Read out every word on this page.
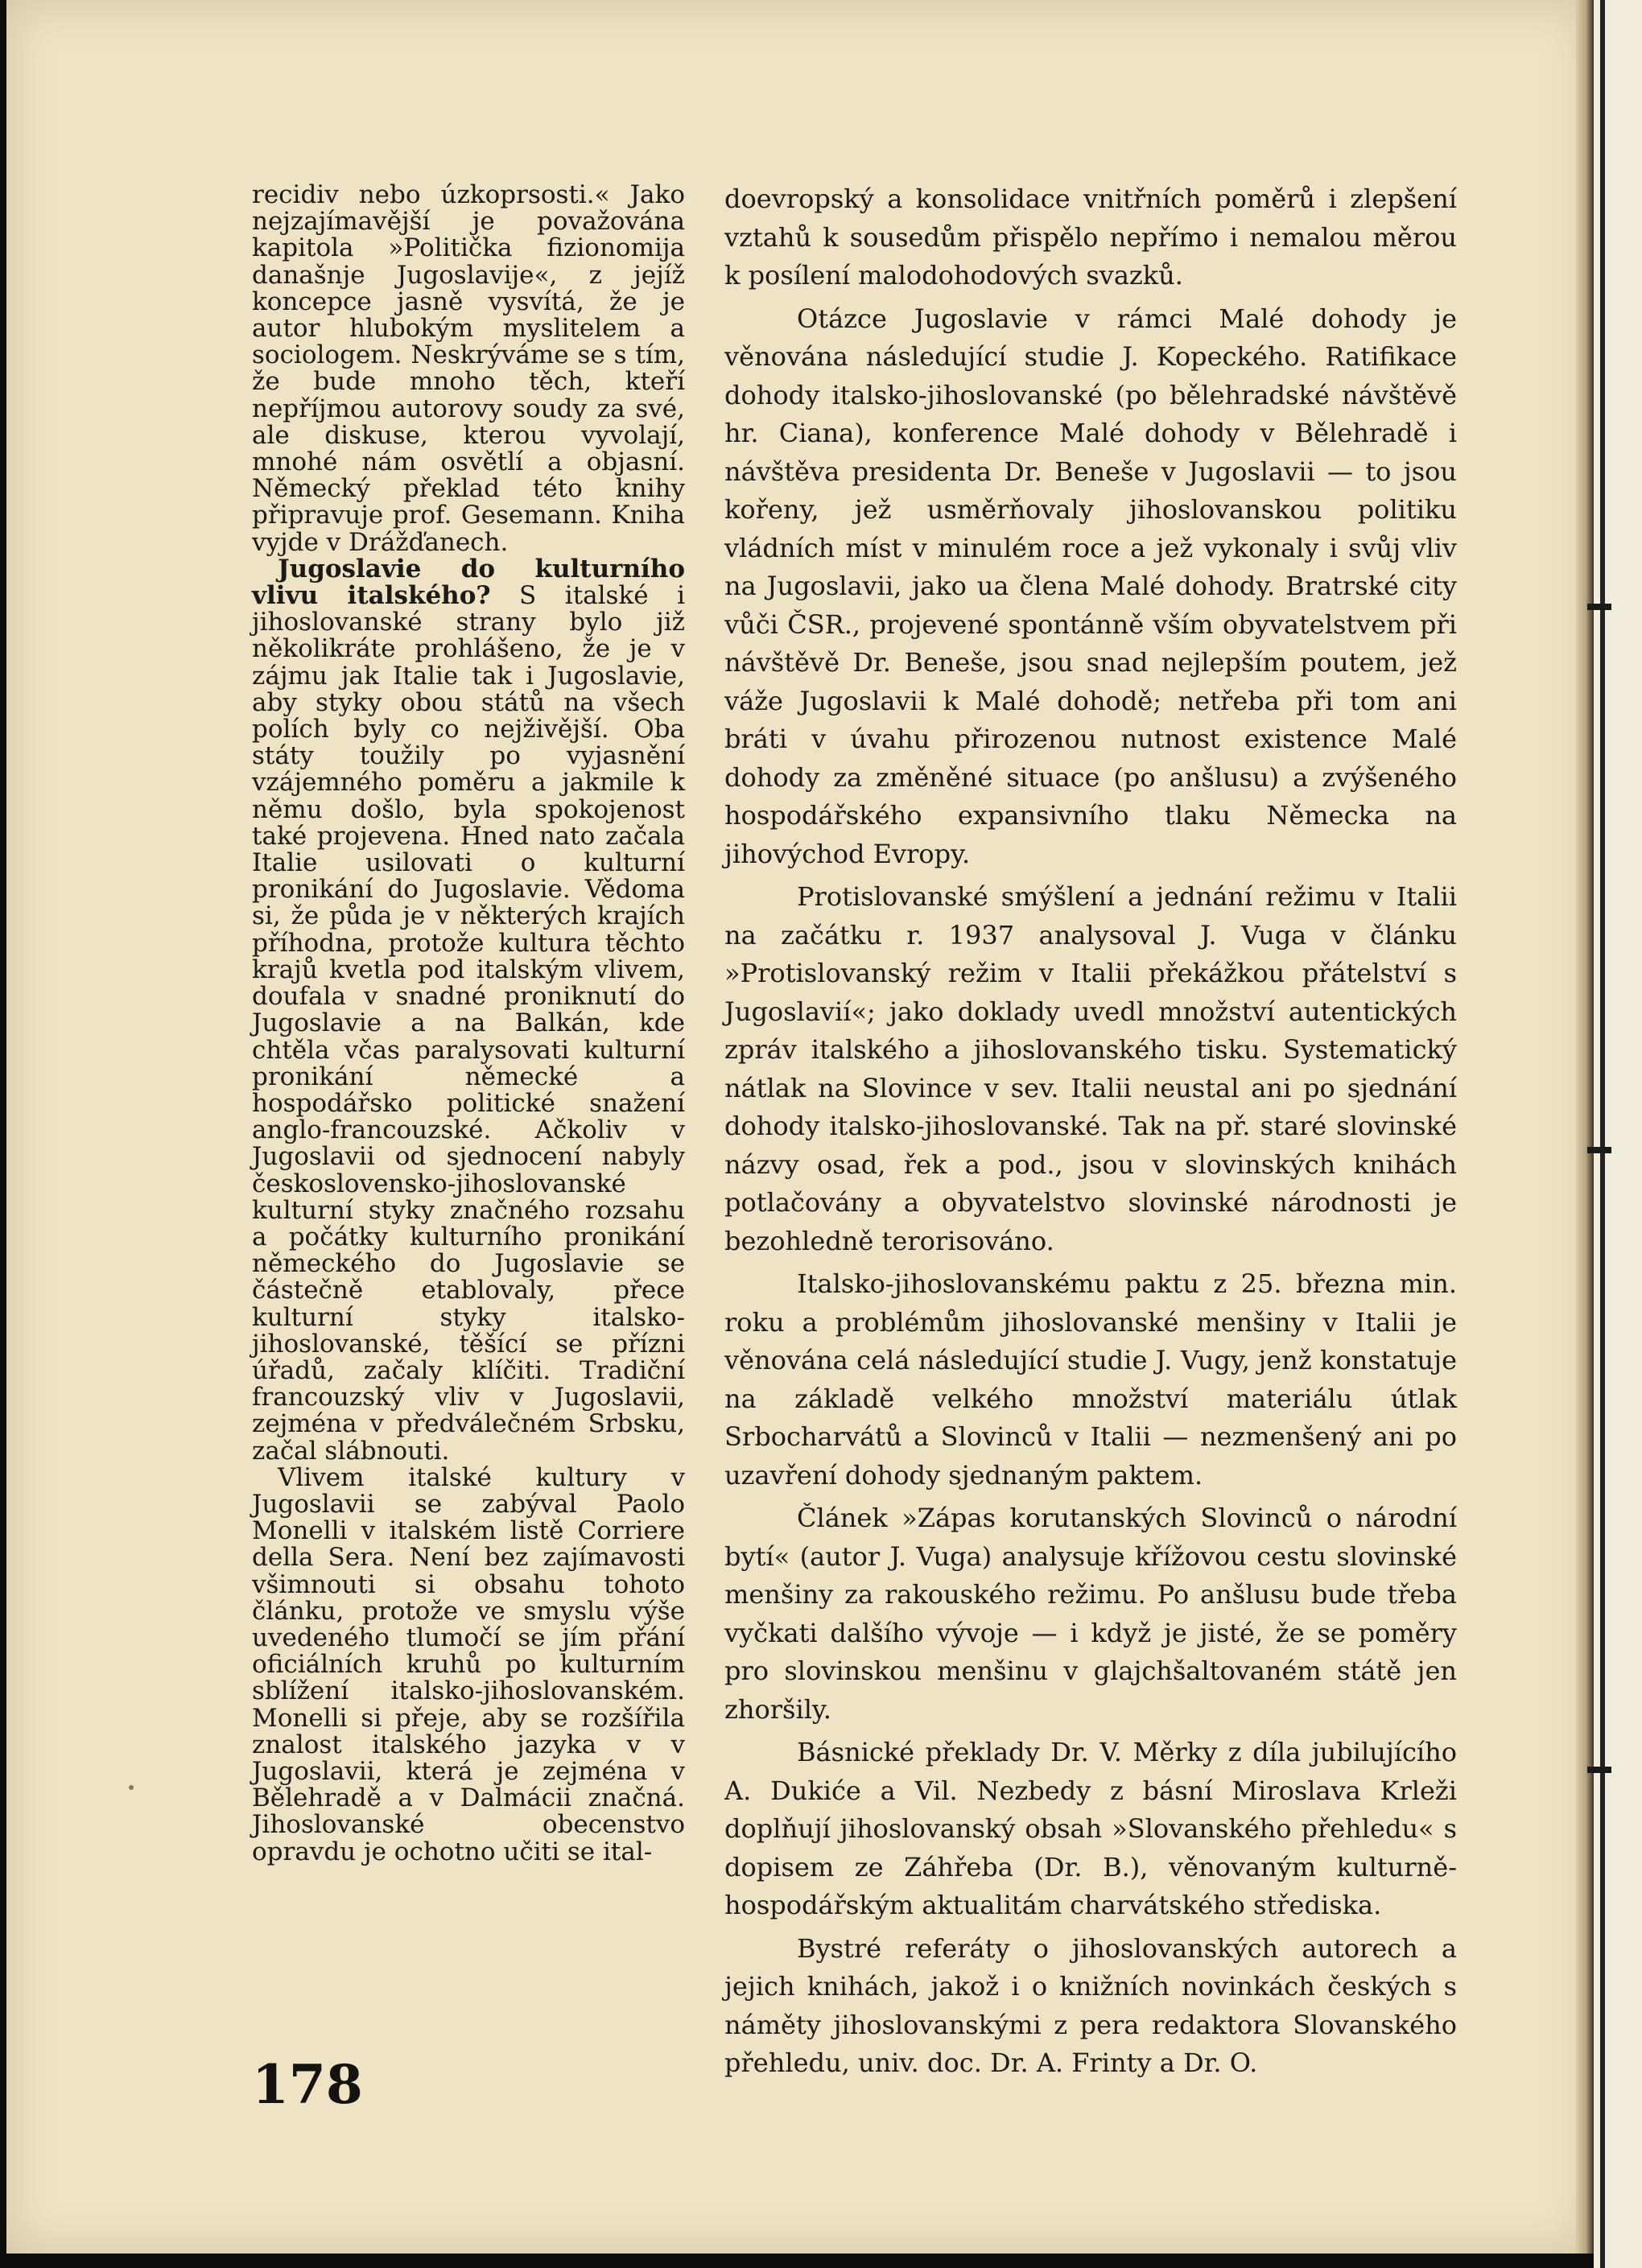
recidiv nebo úzkoprsosti.« Jako nejzajímavější je považována kapitola »Politička fizionomija današnje Jugoslavije«, z jejíž koncepce jasně vysvítá, že je autor hlubokým myslitelem a sociologem. Neskrýváme se s tím, že bude mnoho těch, kteří nepříjmou autorovy soudy za své, ale diskuse, kterou vyvolají, mnohé nám osvětlí a objasní. Německý překlad této knihy připravuje prof. Gesemann. Kniha vyjde v Drážďanech.

Jugoslavie do kulturního vlivu italského? S italské i jihoslovanské strany bylo již několikráte prohlášeno, že je v zájmu jak Italie tak i Jugoslavie, aby styky obou států na všech polích byly co nejživější. Oba státy toužily po vyjasnění vzájemného poměru a jakmile k němu došlo, byla spokojenost také projevena. Hned nato začala Italie usilovati o kulturní pronikání do Jugoslavie. Vědoma si, že půda je v některých krajích příhodna, protože kultura těchto krajů kvetla pod italským vlivem, doufala v snadné proniknutí do Jugoslavie a na Balkán, kde chtěla včas paralysovati kulturní pronikání německé a hospodářsko politické snažení anglo-francouzské. Ačkoliv v Jugoslavii od sjednocení nabyly československo-jihoslovanské kulturní styky značného rozsahu a počátky kulturního pronikání německého do Jugoslavie se částečně etablovaly, přece kulturní styky italsko-jihoslovanské, těšící se přízni úřadů, začaly klíčiti. Tradiční francouzský vliv v Jugoslavii, zejména v předválečném Srbsku, začal slábnouti.

Vlivem italské kultury v Jugoslavii se zabýval Paolo Monelli v italském listě Corriere della Sera. Není bez zajímavosti všimnouti si obsahu tohoto článku, protože ve smyslu výše uvedeného tlumočí se jím přání oficiálních kruhů po kulturním sblížení italsko-jihoslovanském. Monelli si přeje, aby se rozšířila znalost italského jazyka v v Jugoslavii, která je zejména v Bělehradě a v Dalmácii značná. Jihoslovanské obecenstvo opravdu je ochotno učiti se ital-

doevropský a konsolidace vnitřních poměrů i zlepšení vztahů k sousedům přispělo nepřímo i nemalou měrou k posílení malodohodových svazků.

Otázce Jugoslavie v rámci Malé dohody je věnována následující studie J. Kopeckého. Ratifikace dohody italsko-jihoslovanské (po bělehradské návštěvě hr. Ciana), konference Malé dohody v Bělehradě i návštěva presidenta Dr. Beneše v Jugoslavii — to jsou kořeny, jež usměrňovaly jihoslovanskou politiku vládních míst v minulém roce a jež vykonaly i svůj vliv na Jugoslavii, jako ua člena Malé dohody. Bratrské city vůči ČSR., projevené spontánně vším obyvatelstvem při návštěvě Dr. Beneše, jsou snad nejlepším poutem, jež váže Jugoslavii k Malé dohodě; netřeba při tom ani bráti v úvahu přirozenou nutnost existence Malé dohody za změněné situace (po anšlusu) a zvýšeného hospodářského expansivního tlaku Německa na jihovýchod Evropy.

Protislovanské smýšlení a jednání režimu v Italii na začátku r. 1937 analysoval J. Vuga v článku »Protislovanský režim v Italii překážkou přátelství s Jugoslavií«; jako doklady uvedl množství autentických zpráv italského a jihoslovanského tisku. Systematický nátlak na Slovince v sev. Italii neustal ani po sjednání dohody italsko-jihoslovanské. Tak na př. staré slovinské názvy osad, řek a pod., jsou v slovinských knihách potlačovány a obyvatelstvo slovinské národnosti je bezohledně terorisováno.

Italsko-jihoslovanskému paktu z 25. března min. roku a problémům jihoslovanské menšiny v Italii je věnována celá následující studie J. Vugy, jenž konstatuje na základě velkého množství materiálu útlak Srbocharvátů a Slovinců v Italii — nezmenšený ani po uzavření dohody sjednaným paktem.

Článek »Zápas korutanských Slovinců o národní bytí« (autor J. Vuga) analysuje křížovou cestu slovinské menšiny za rakouského režimu. Po anšlusu bude třeba vyčkati dalšího vývoje — i když je jisté, že se poměry pro slovinskou menšinu v glajchšaltovaném státě jen zhoršily.

Básnické překlady Dr. V. Měrky z díla jubilujícího A. Dukiće a Vil. Nezbedy z básní Miroslava Krleži doplňují jihoslovanský obsah »Slovanského přehledu« s dopisem ze Záhřeba (Dr. B.), věnovaným kulturně-hospodářským aktualitám charvátského střediska.

Bystré referáty o jihoslovanských autorech a jejich knihách, jakož i o knižních novinkách českých s náměty jihoslovanskými z pera redaktora Slovanského přehledu, univ. doc. Dr. A. Frinty a Dr. O.

178
